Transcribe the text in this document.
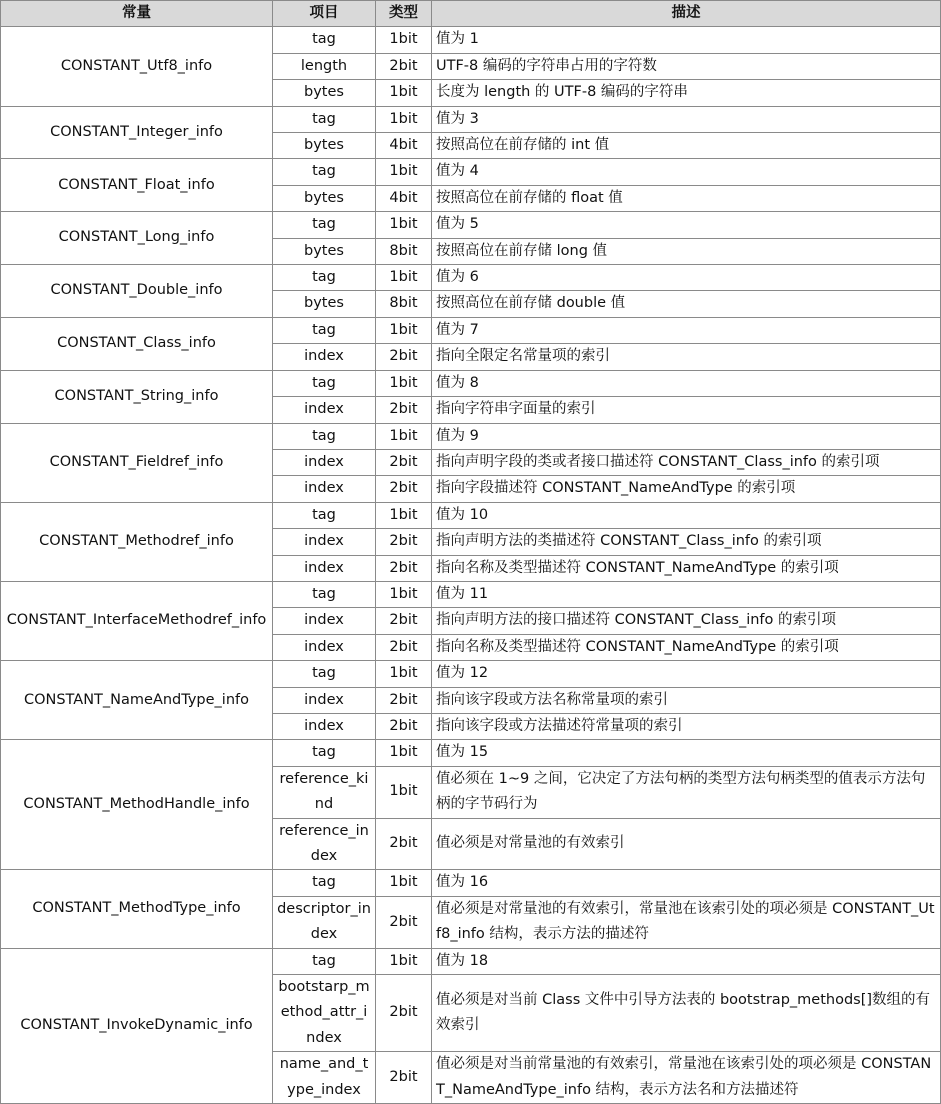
常量	项目	类型	描述
CONSTANT_Utf8_info	tag	1bit	值为 1
	length	2bit	UTF-8 编码的字符串占用的字符数
	bytes	1bit	长度为 length 的 UTF-8 编码的字符串
CONSTANT_Integer_info	tag	1bit	值为 3
	bytes	4bit	按照高位在前存储的 int 值
CONSTANT_Float_info	tag	1bit	值为 4
	bytes	4bit	按照高位在前存储的 float 值
CONSTANT_Long_info	tag	1bit	值为 5
	bytes	8bit	按照高位在前存储 long 值
CONSTANT_Double_info	tag	1bit	值为 6
	bytes	8bit	按照高位在前存储 double 值
CONSTANT_Class_info	tag	1bit	值为 7
	index	2bit	指向全限定名常量项的索引
CONSTANT_String_info	tag	1bit	值为 8
	index	2bit	指向字符串字面量的索引
CONSTANT_Fieldref_info	tag	1bit	值为 9
	index	2bit	指向声明字段的类或者接口描述符 CONSTANT_Class_info 的索引项
	index	2bit	指向字段描述符 CONSTANT_NameAndType 的索引项
CONSTANT_Methodref_info	tag	1bit	值为 10
	index	2bit	指向声明方法的类描述符 CONSTANT_Class_info 的索引项
	index	2bit	指向名称及类型描述符 CONSTANT_NameAndType 的索引项
CONSTANT_InterfaceMethodref_info	tag	1bit	值为 11
	index	2bit	指向声明方法的接口描述符 CONSTANT_Class_info 的索引项
	index	2bit	指向名称及类型描述符 CONSTANT_NameAndType 的索引项
CONSTANT_NameAndType_info	tag	1bit	值为 12
	index	2bit	指向该字段或方法名称常量项的索引
	index	2bit	指向该字段或方法描述符常量项的索引
CONSTANT_MethodHandle_info	tag	1bit	值为 15
	reference_kind	1bit	值必须在 1~9 之间，它决定了方法句柄的类型方法句柄类型的值表示方法句柄的字节码行为
	reference_index	2bit	值必须是对常量池的有效索引
CONSTANT_MethodType_info	tag	1bit	值为 16
	descriptor_index	2bit	值必须是对常量池的有效索引，常量池在该索引处的项必须是 CONSTANT_Utf8_info 结构，表示方法的描述符
CONSTANT_InvokeDynamic_info	tag	1bit	值为 18
	bootstarp_method_attr_index	2bit	值必须是对当前 Class 文件中引导方法表的 bootstrap_methods[]数组的有效索引
	name_and_type_index	2bit	值必须是对当前常量池的有效索引，常量池在该索引处的项必须是 CONSTANT_NameAndType_info 结构，表示方法名和方法描述符
